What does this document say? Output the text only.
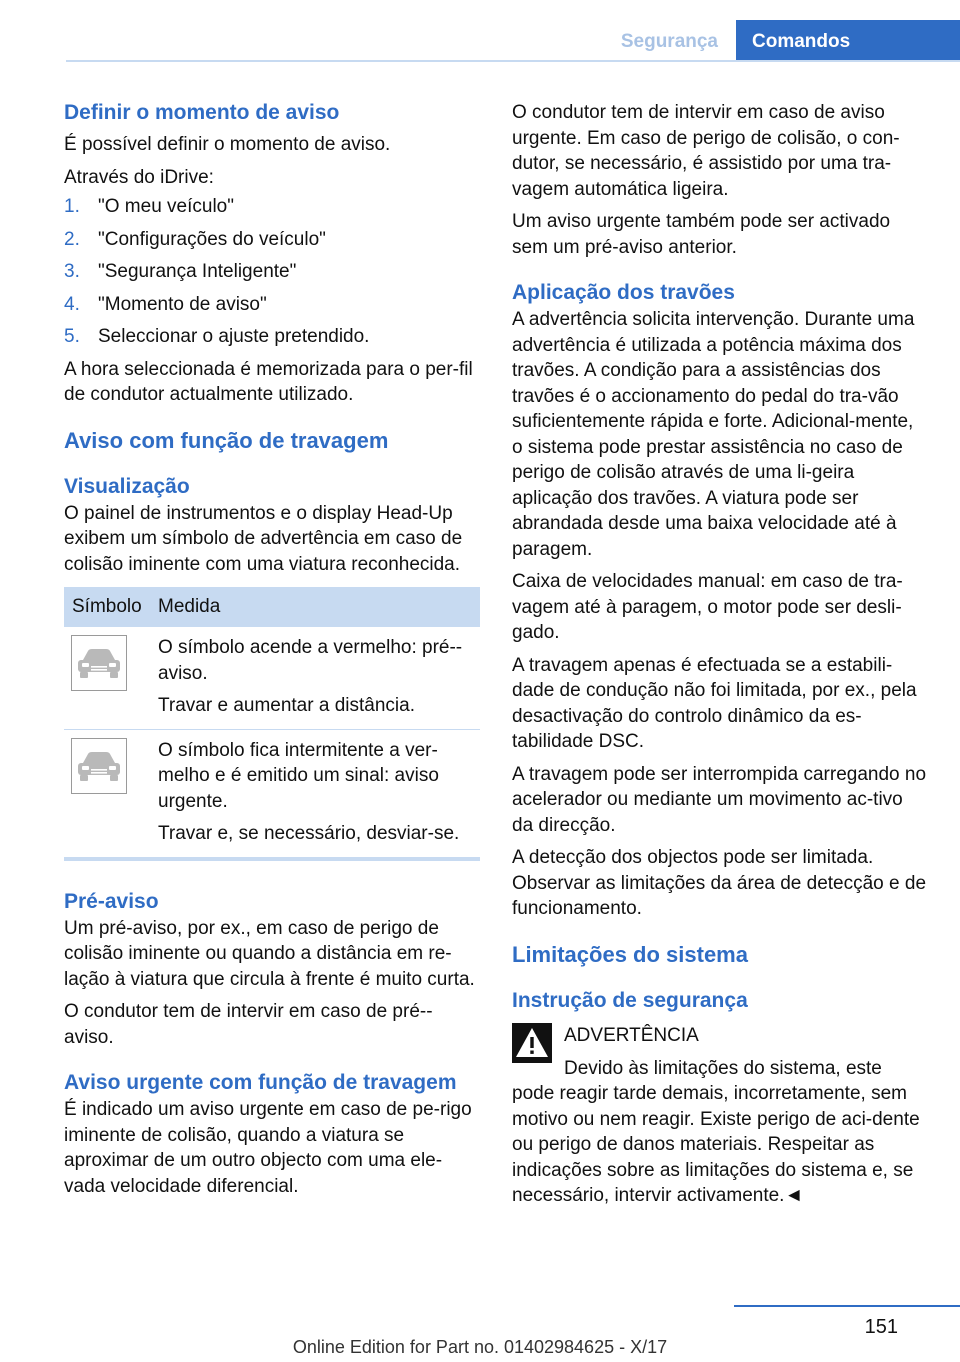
Segurança	Comandos
Definir o momento de aviso

É possível definir o momento de aviso.

Através do iDrive:

1. "O meu veículo"
2. "Configurações do veículo"
3. "Segurança Inteligente"
4. "Momento de aviso"
5. Seleccionar o ajuste pretendido.

A hora seleccionada é memorizada para o per‐fil de condutor actualmente utilizado.

Aviso com função de travagem
Visualização

O painel de instrumentos e o display Head-Up exibem um símbolo de advertência em caso de colisão iminente com uma viatura reconhecida.

Símbolo	Medida

O símbolo acende a vermelho: pré-‐aviso.

Travar e aumentar a distância.

O símbolo fica intermitente a ver‐melho e é emitido um sinal: aviso urgente.

Travar e, se necessário, desviar-se.

Pré-aviso

Um pré-aviso, por ex., em caso de perigo de colisão iminente ou quando a distância em re‐lação à viatura que circula à frente é muito curta.

O condutor tem de intervir em caso de pré-‐aviso.

Aviso urgente com função de travagem

É indicado um aviso urgente em caso de pe‐rigo iminente de colisão, quando a viatura se aproximar de um outro objecto com uma ele‐vada velocidade diferencial.

O condutor tem de intervir em caso de aviso urgente. Em caso de perigo de colisão, o con‐dutor, se necessário, é assistido por uma tra‐vagem automática ligeira.

Um aviso urgente também pode ser activado sem um pré-aviso anterior.

Aplicação dos travões

A advertência solicita intervenção. Durante uma advertência é utilizada a potência máxima dos travões. A condição para a assistências dos travões é o accionamento do pedal do tra‐vão suficientemente rápida e forte. Adicional‐mente, o sistema pode prestar assistência no caso de perigo de colisão através de uma li‐geira aplicação dos travões. A viatura pode ser abrandada desde uma baixa velocidade até à paragem.

Caixa de velocidades manual: em caso de tra‐vagem até à paragem, o motor pode ser desli‐gado.

A travagem apenas é efectuada se a estabili‐dade de condução não foi limitada, por ex., pela desactivação do controlo dinâmico da es‐tabilidade DSC.

A travagem pode ser interrompida carregando no acelerador ou mediante um movimento ac‐tivo da direcção.

A detecção dos objectos pode ser limitada. Observar as limitações da área de detecção e de funcionamento.

Limitações do sistema
Instrução de segurança

ADVERTÊNCIA

Devido às limitações do sistema, este pode reagir tarde demais, incorretamente, sem motivo ou nem reagir. Existe perigo de aci‐dente ou perigo de danos materiais. Respeitar as indicações sobre as limitações do sistema e, se necessário, intervir activamente.◄

151
Online Edition for Part no. 01402984625 - X/17
